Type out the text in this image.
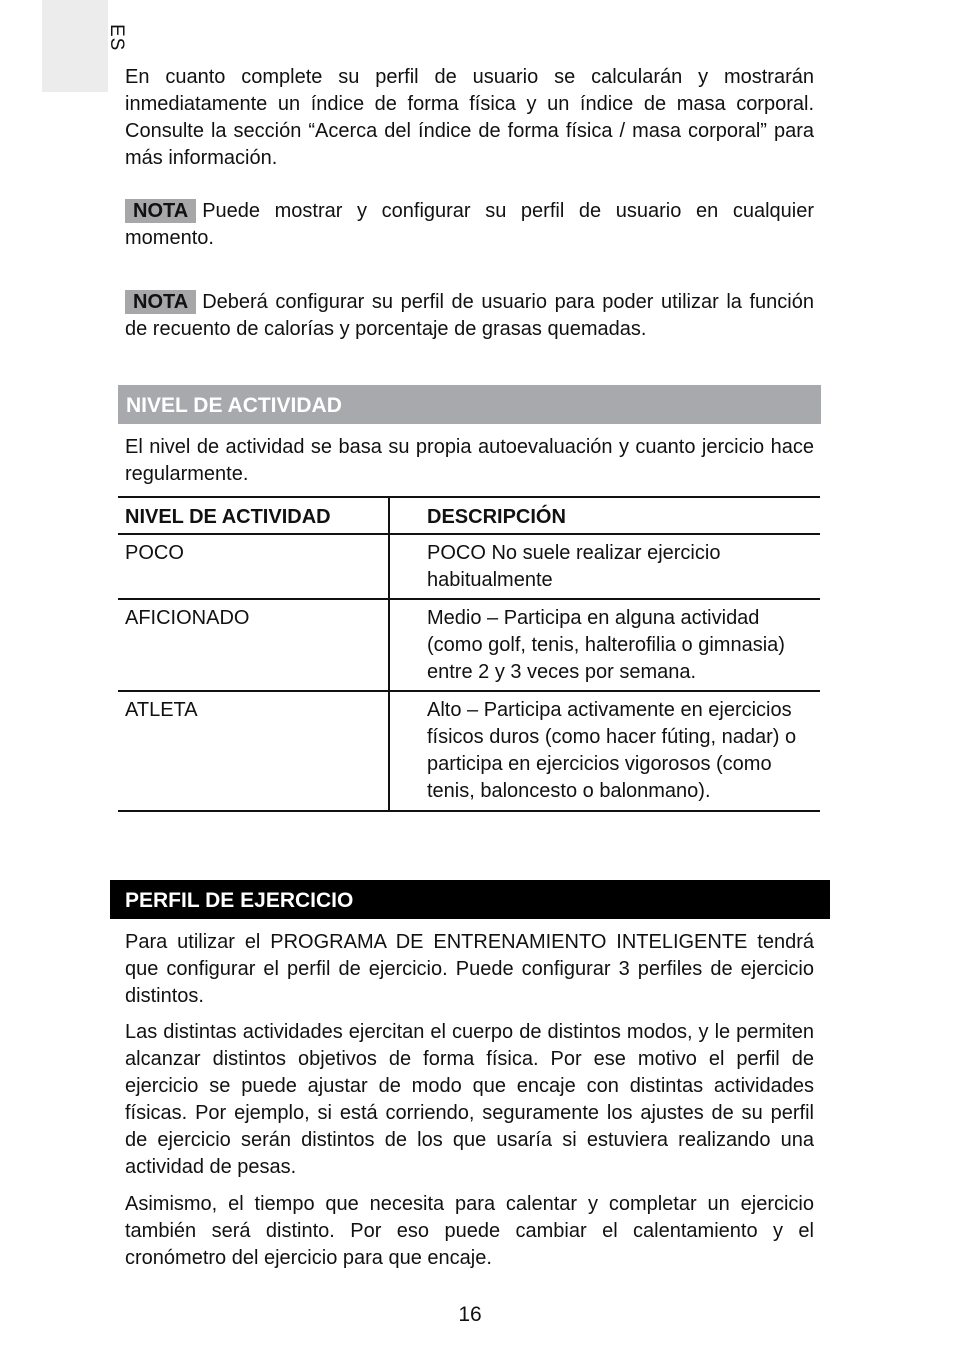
ES

En cuanto complete su perfil de usuario se calcularán y mostrarán inmediatamente un índice de forma física y un índice de masa corporal. Consulte la sección “Acerca del índice de forma física / masa corporal” para más información.

NOTA Puede mostrar y configurar su perfil de usuario en cualquier momento.

NOTA Deberá configurar su perfil de usuario para poder utilizar la función de recuento de calorías y porcentaje de grasas quemadas.

NIVEL DE ACTIVIDAD

El nivel de actividad se basa su propia autoevaluación y cuanto jercicio hace regularmente.

NIVEL DE ACTIVIDAD	DESCRIPCIÓN
POCO	POCO No suele realizar ejercicio habitualmente
AFICIONADO	Medio – Participa en alguna actividad (como golf, tenis, halterofilia o gimnasia) entre 2 y 3 veces por semana.
ATLETA	Alto – Participa activamente en ejercicios físicos duros (como hacer fúting, nadar) o participa en ejercicios vigorosos (como tenis, baloncesto o balonmano).
PERFIL DE EJERCICIO

Para utilizar el PROGRAMA DE ENTRENAMIENTO INTELIGENTE tendrá que configurar el perfil de ejercicio. Puede configurar 3 perfiles de ejercicio distintos.

Las distintas actividades ejercitan el cuerpo de distintos modos, y le permiten alcanzar distintos objetivos de forma física. Por ese motivo el perfil de ejercicio se puede ajustar de modo que encaje con distintas actividades físicas. Por ejemplo, si está corriendo, seguramente los ajustes de su perfil de ejercicio serán distintos de los que usaría si estuviera realizando una actividad de pesas.

Asimismo, el tiempo que necesita para calentar y completar un ejercicio también será distinto. Por eso puede cambiar el calentamiento y el cronómetro del ejercicio para que encaje.

16
